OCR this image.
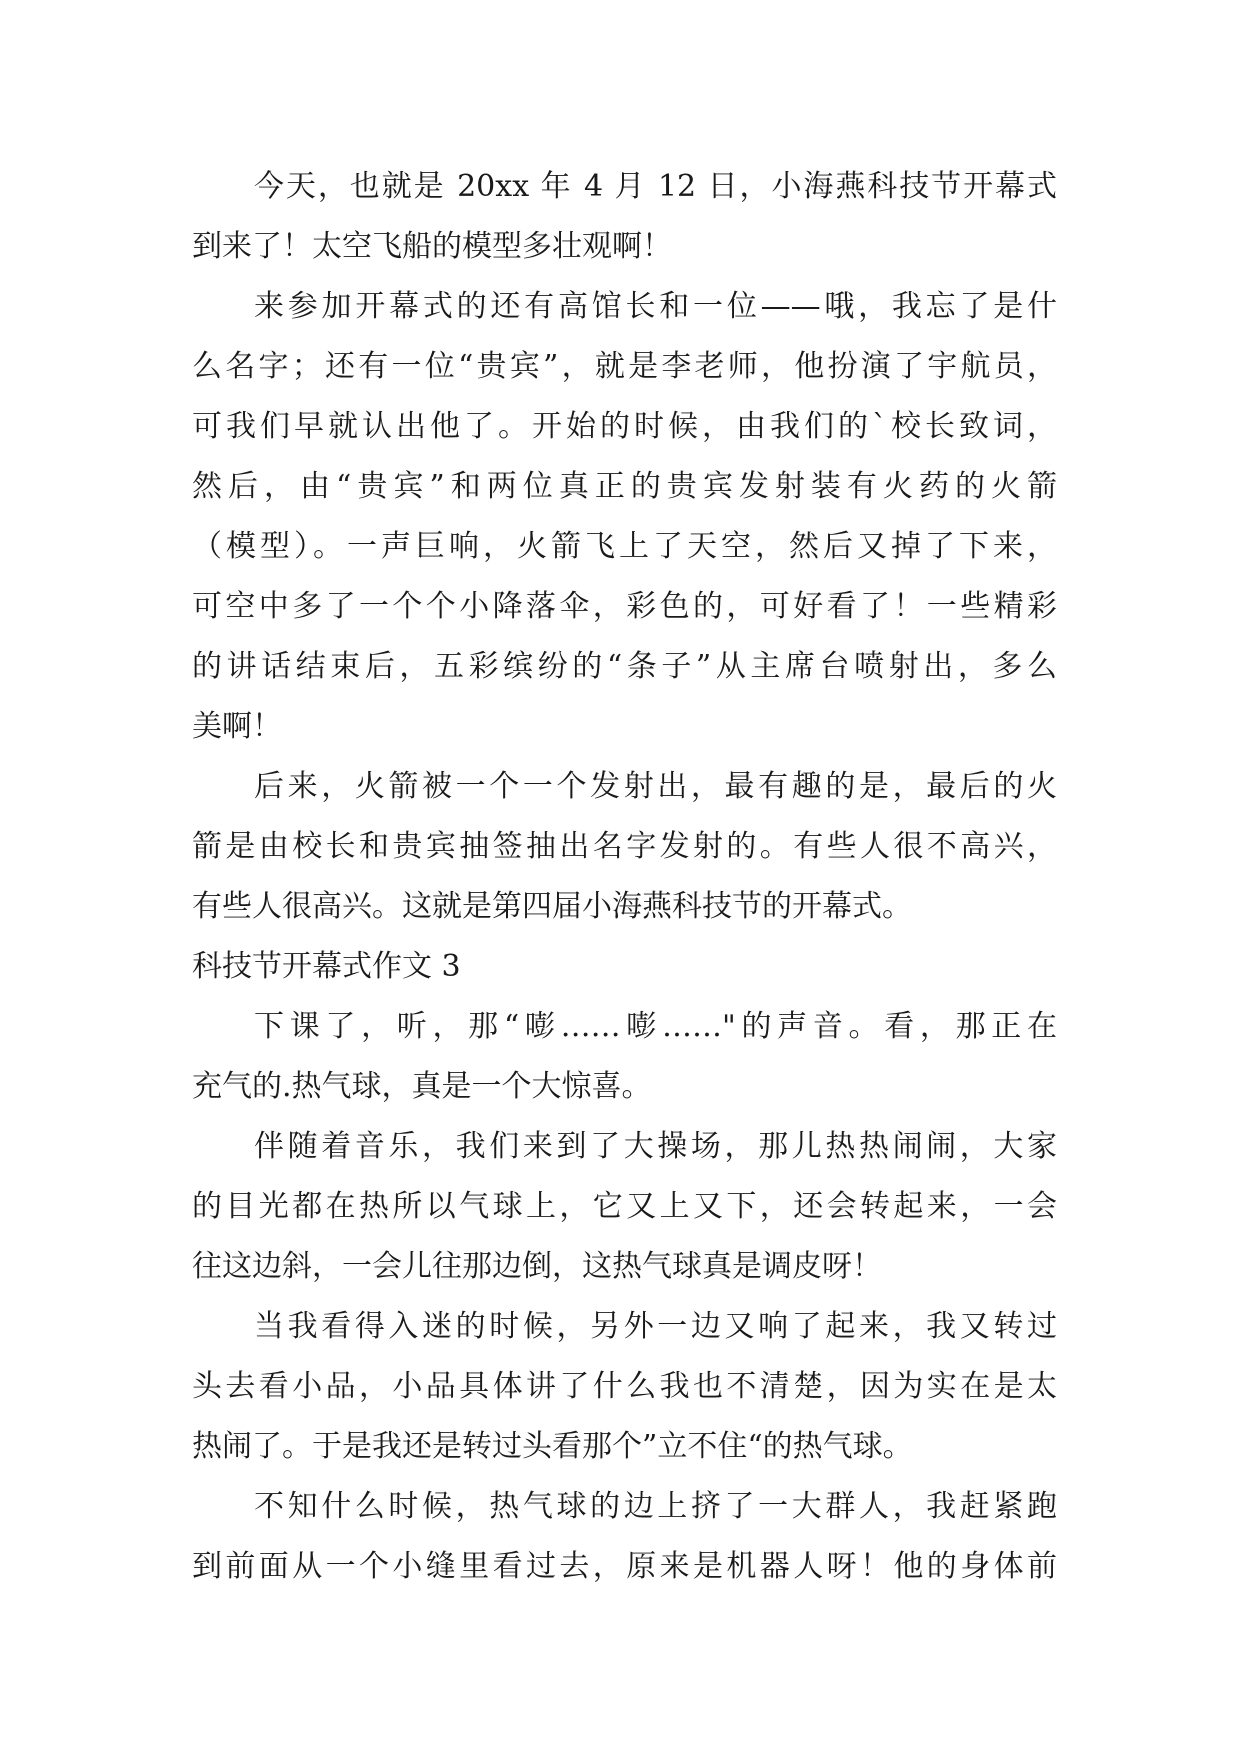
今天，也就是 20xx 年 4 月 12 日，小海燕科技节开幕式
到来了！太空飞船的模型多壮观啊！
来参加开幕式的还有高馆长和一位——哦，我忘了是什
么名字；还有一位“贵宾”，就是李老师，他扮演了宇航员，
可我们早就认出他了。开始的时候，由我们的`校长致词，
然后，由“贵宾”和两位真正的贵宾发射装有火药的火箭
（模型）。一声巨响，火箭飞上了天空，然后又掉了下来，
可空中多了一个个小降落伞，彩色的，可好看了！一些精彩
的讲话结束后，五彩缤纷的“条子”从主席台喷射出，多么
美啊！
后来，火箭被一个一个发射出，最有趣的是，最后的火
箭是由校长和贵宾抽签抽出名字发射的。有些人很不高兴，
有些人很高兴。这就是第四届小海燕科技节的开幕式。
科技节开幕式作文 3
下课了，听，那“嘭……嘭……"的声音。看，那正在
充气的.热气球，真是一个大惊喜。
伴随着音乐，我们来到了大操场，那儿热热闹闹，大家
的目光都在热所以气球上，它又上又下，还会转起来，一会
往这边斜，一会儿往那边倒，这热气球真是调皮呀！
当我看得入迷的时候，另外一边又响了起来，我又转过
头去看小品，小品具体讲了什么我也不清楚，因为实在是太
热闹了。于是我还是转过头看那个”立不住“的热气球。
不知什么时候，热气球的边上挤了一大群人，我赶紧跑
到前面从一个小缝里看过去，原来是机器人呀！他的身体前
